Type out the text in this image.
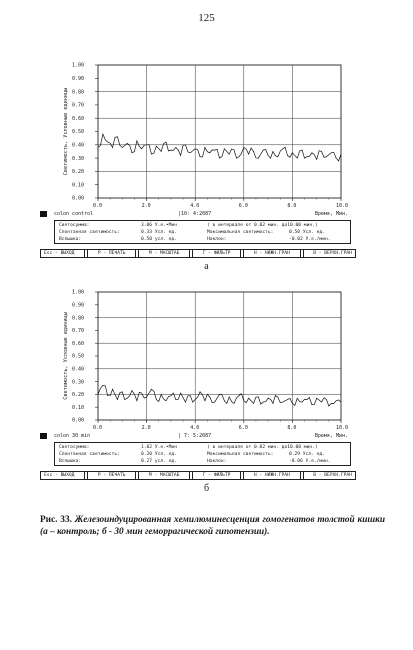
125
0.00
0.10
0.20
0.30
0.40
0.50
0.60
0.70
0.80
0.90
1.00
0.0	2.0	4.0	6.0	8.0	10.0
Светимость, Условные единицы
colon control	|10: 4:2087	Время, Мин.
Светосумма:	3.06 У.е.•Мин	( в интервале от 0.02 мин. до10.00 мин.)
Спонтанная светимость:	0.33 Усл. ед.	Максимальная светимость:	0.50 Усл. ед.
Вспышка:	0.50 усл. ед.	Наклон:	-0.02 У.е./мин.
Esc - ВЫХОД	P - ПЕЧАТЬ	M - МАСШТАБ	Г - ФИЛЬТР	Н - НИЖН.ГРАН	В - ВЕРХН.ГРАН
а
0.00
0.10
0.20
0.30
0.40
0.50
0.60
0.70
0.80
0.90
1.00
0.0	2.0	4.0	6.0	8.0	10.0
Светимость, Условные единицы
colon 30 min	| 7: 5:2087	Время, Мин.
Светосумма:	1.02 У.е.•Мин	( в интервале от 0.02 мин. до10.00 мин.)
Спонтанная светимость:	0.20 Усл. ед.	Максимальная светимость:	0.29 Усл. ед.
Вспышка:	0.27 усл. ед.	Наклон:	-0.06 У.е./мин.
Esc - ВЫХОД	P - ПЕЧАТЬ	M - МАСШТАБ	Г - ФИЛЬТР	Н - НИЖН.ГРАН	В - ВЕРХН.ГРАН
б
Рис. 33. Железоиндуцированная хемилюминесценция гомогенатов толстой кишки (а – контроль; б - 30 мин геморрагической гипотензии).
